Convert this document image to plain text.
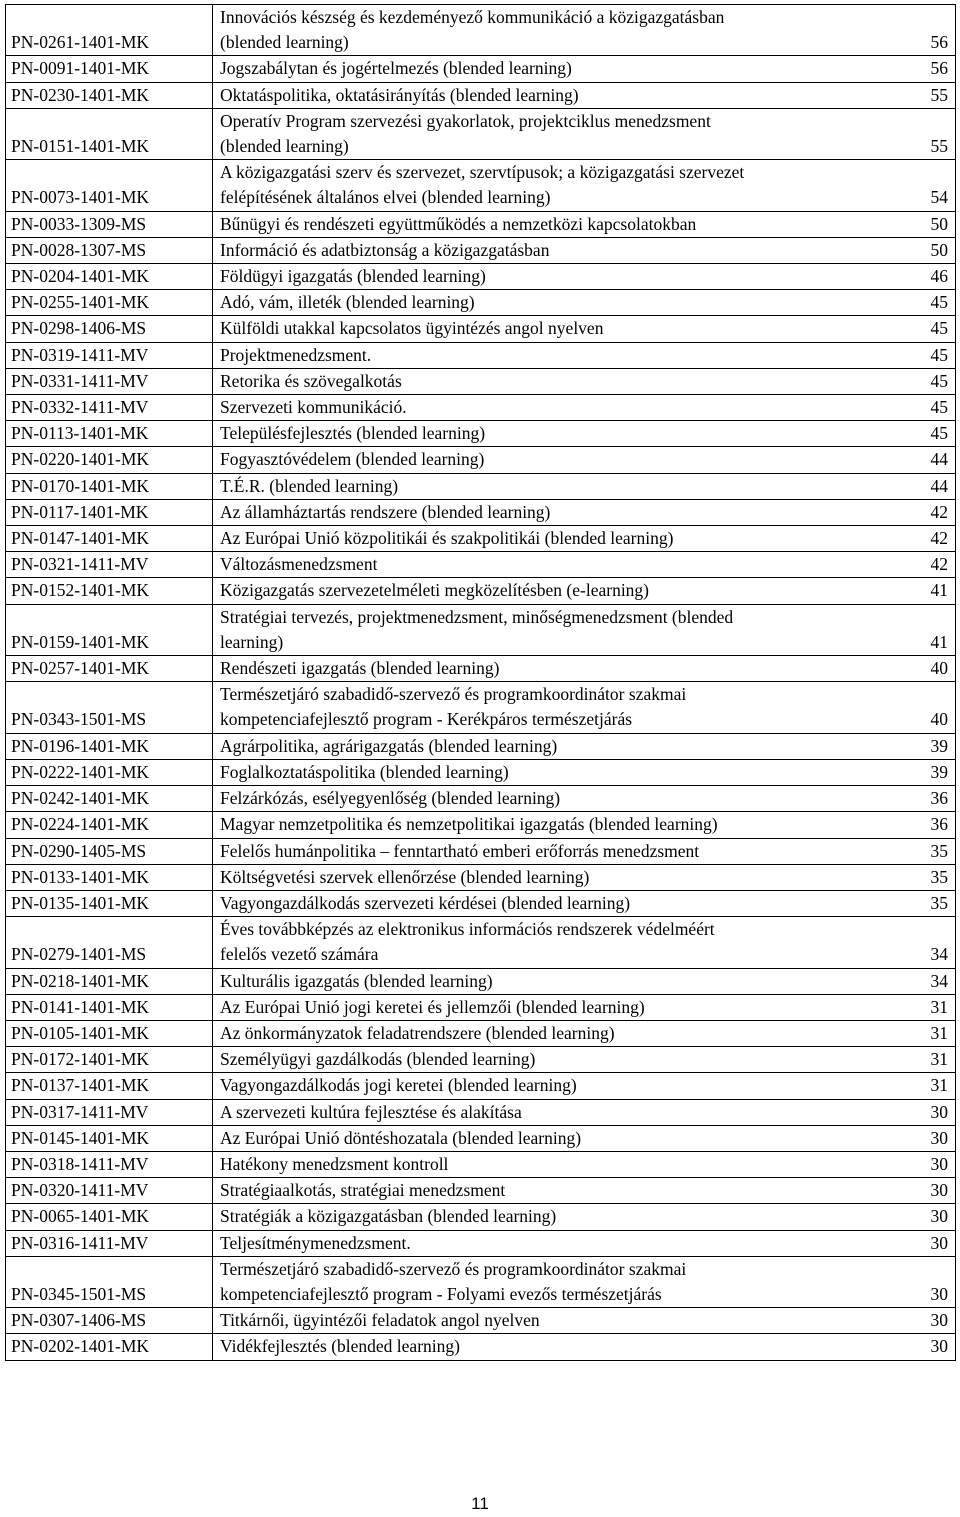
PN-0261-1401-MK	Innovációs készség és kezdeményező kommunikáció a közigazgatásban (blended learning) 56

PN-0091-1401-MK	Jogszabálytan és jogértelmezés (blended learning) 56

PN-0230-1401-MK	Oktatáspolitika, oktatásirányítás (blended learning) 55

PN-0151-1401-MK	Operatív Program szervezési gyakorlatok, projektciklus menedzsment (blended learning) 55

PN-0073-1401-MK	A közigazgatási szerv és szervezet, szervtípusok; a közigazgatási szervezet felépítésének általános elvei (blended learning) 54

PN-0033-1309-MS	Bűnügyi és rendészeti együttműködés a nemzetközi kapcsolatokban 50

PN-0028-1307-MS	Információ és adatbiztonság a közigazgatásban 50

PN-0204-1401-MK	Földügyi igazgatás (blended learning) 46

PN-0255-1401-MK	Adó, vám, illeték (blended learning) 45

PN-0298-1406-MS	Külföldi utakkal kapcsolatos ügyintézés angol nyelven 45

PN-0319-1411-MV	Projektmenedzsment. 45

PN-0331-1411-MV	Retorika és szövegalkotás 45

PN-0332-1411-MV	Szervezeti kommunikáció. 45

PN-0113-1401-MK	Településfejlesztés (blended learning) 45

PN-0220-1401-MK	Fogyasztóvédelem (blended learning) 44

PN-0170-1401-MK	T.É.R. (blended learning) 44

PN-0117-1401-MK	Az államháztartás rendszere (blended learning) 42

PN-0147-1401-MK	Az Európai Unió közpolitikái és szakpolitikái (blended learning) 42

PN-0321-1411-MV	Változásmenedzsment 42

PN-0152-1401-MK	Közigazgatás szervezetelméleti megközelítésben (e-learning) 41

PN-0159-1401-MK	Stratégiai tervezés, projektmenedzsment, minőségmenedzsment (blended learning) 41

PN-0257-1401-MK	Rendészeti igazgatás (blended learning) 40

PN-0343-1501-MS	Természetjáró szabadidő-szervező és programkoordinátor szakmai kompetenciafejlesztő program - Kerékpáros természetjárás 40

PN-0196-1401-MK	Agrárpolitika, agrárigazgatás (blended learning) 39

PN-0222-1401-MK	Foglalkoztatáspolitika (blended learning) 39

PN-0242-1401-MK	Felzárkózás, esélyegyenlőség (blended learning) 36

PN-0224-1401-MK	Magyar nemzetpolitika és nemzetpolitikai igazgatás (blended learning) 36

PN-0290-1405-MS	Felelős humánpolitika – fenntartható emberi erőforrás menedzsment 35

PN-0133-1401-MK	Költségvetési szervek ellenőrzése (blended learning) 35

PN-0135-1401-MK	Vagyongazdálkodás szervezeti kérdései (blended learning) 35

PN-0279-1401-MS	Éves továbbképzés az elektronikus információs rendszerek védelméért felelős vezető számára 34

PN-0218-1401-MK	Kulturális igazgatás (blended learning) 34

PN-0141-1401-MK	Az Európai Unió jogi keretei és jellemzői (blended learning) 31

PN-0105-1401-MK	Az önkormányzatok feladatrendszere (blended learning) 31

PN-0172-1401-MK	Személyügyi gazdálkodás (blended learning) 31

PN-0137-1401-MK	Vagyongazdálkodás jogi keretei (blended learning) 31

PN-0317-1411-MV	A szervezeti kultúra fejlesztése és alakítása 30

PN-0145-1401-MK	Az Európai Unió döntéshozatala (blended learning) 30

PN-0318-1411-MV	Hatékony menedzsment kontroll 30

PN-0320-1411-MV	Stratégiaalkotás, stratégiai menedzsment 30

PN-0065-1401-MK	Stratégiák a közigazgatásban (blended learning) 30

PN-0316-1411-MV	Teljesítménymenedzsment. 30

PN-0345-1501-MS	Természetjáró szabadidő-szervező és programkoordinátor szakmai kompetenciafejlesztő program - Folyami evezős természetjárás 30

PN-0307-1406-MS	Titkárnői, ügyintézői feladatok angol nyelven 30

PN-0202-1401-MK	Vidékfejlesztés (blended learning) 30
11
